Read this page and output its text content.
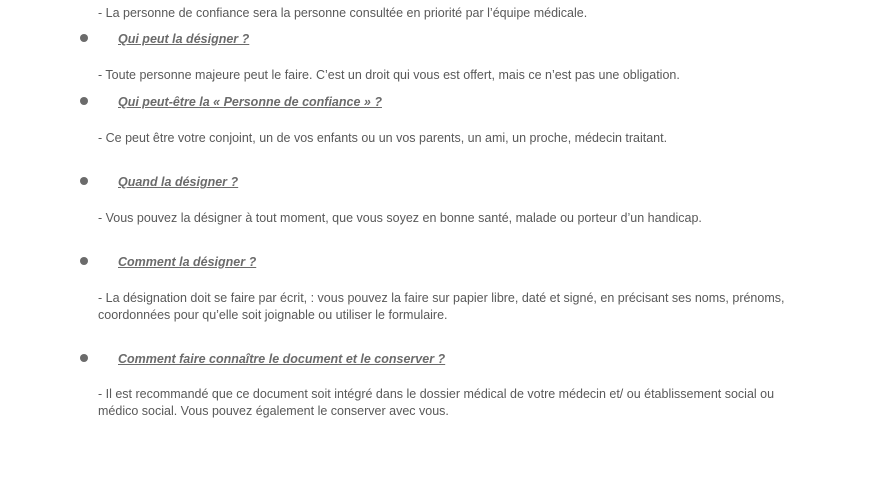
- La personne de confiance sera la personne consultée en priorité par l’équipe médicale.
Qui peut la désigner ?
- Toute personne majeure peut le faire. C’est un droit qui vous est offert, mais ce n’est pas une obligation.
Qui peut-être la « Personne de confiance » ?
- Ce peut être votre conjoint, un de vos enfants ou un vos parents, un ami, un proche, médecin traitant.
Quand la désigner ?
- Vous pouvez la désigner à tout moment, que vous soyez en bonne santé, malade ou porteur d’un handicap.
Comment la désigner ?
- La désignation doit se faire par écrit, : vous pouvez la faire sur papier libre, daté et signé, en précisant ses noms, prénoms, coordonnées pour qu’elle soit joignable ou utiliser le formulaire.
Comment faire connaître le document et le conserver ?
- Il est recommandé que ce document soit intégré dans le dossier médical de votre médecin et/ ou établissement social ou médico social. Vous pouvez également le conserver avec vous.
